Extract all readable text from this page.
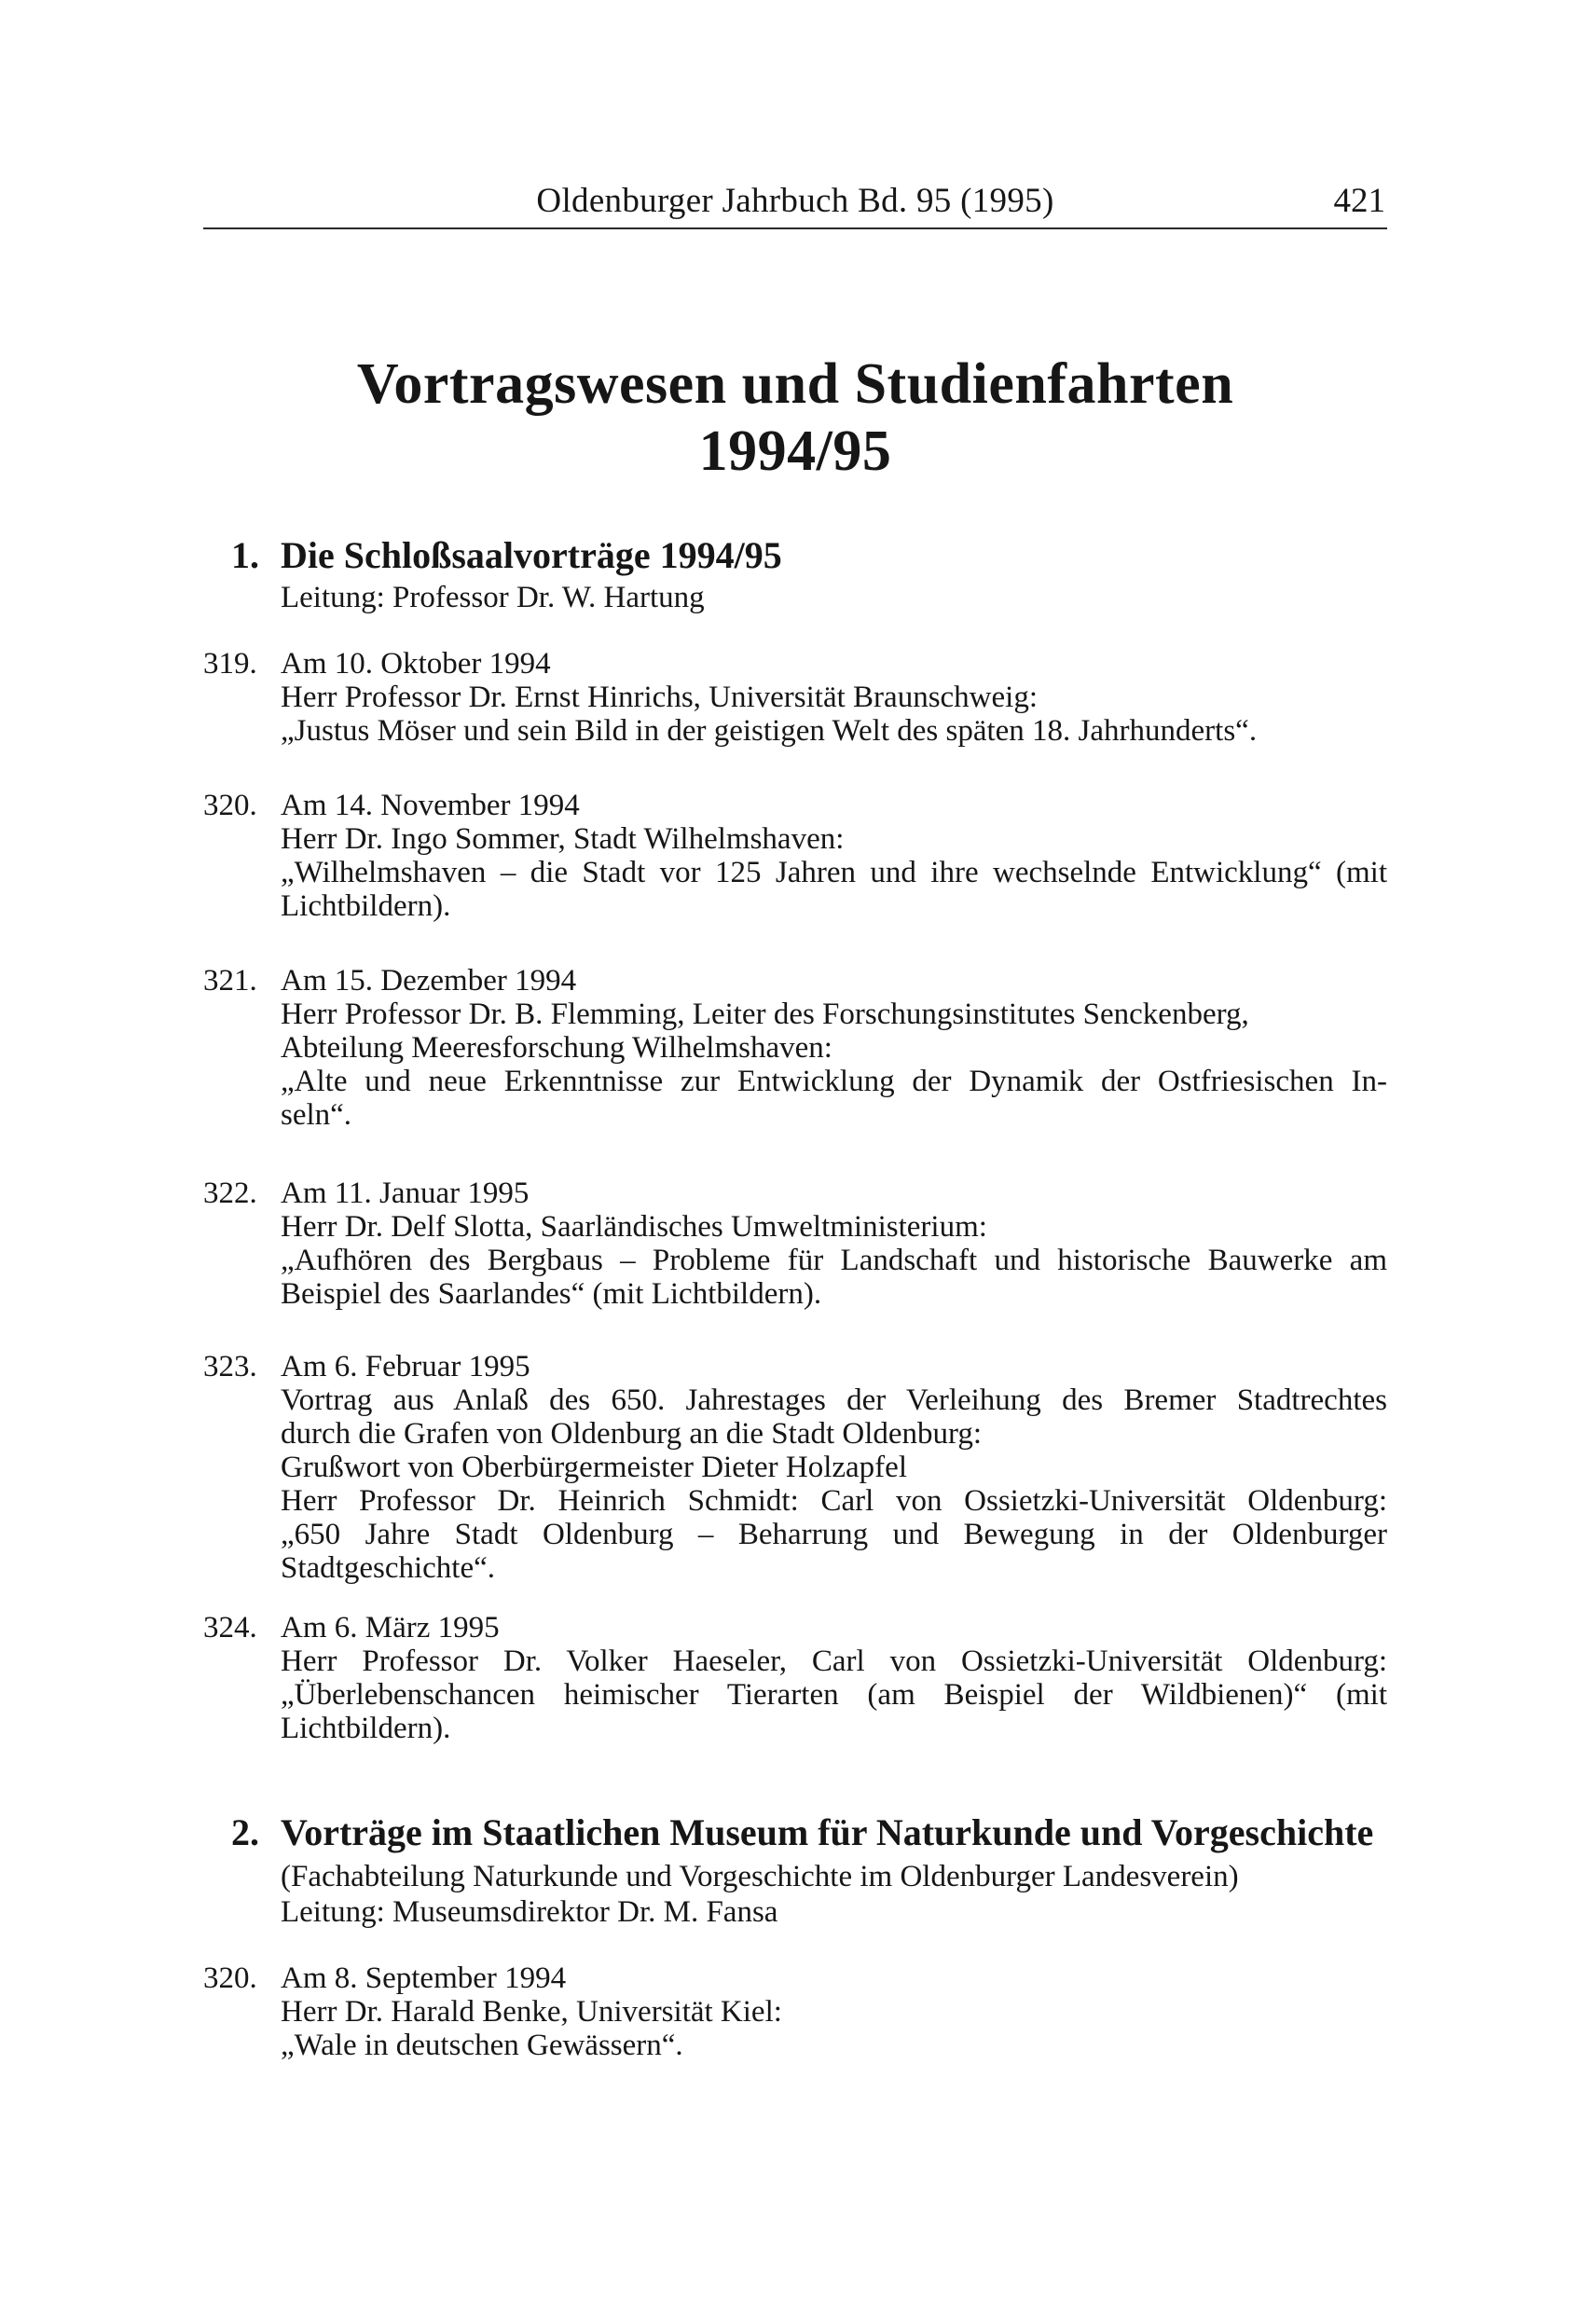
Oldenburger Jahrbuch Bd. 95 (1995)	421
Vortragswesen und Studienfahrten
1994/95
1. Die Schloßsaalvorträge 1994/95
Leitung: Professor Dr. W. Hartung
319. Am 10. Oktober 1994
Herr Professor Dr. Ernst Hinrichs, Universität Braunschweig:
„Justus Möser und sein Bild in der geistigen Welt des späten 18. Jahrhunderts“.
320. Am 14. November 1994
Herr Dr. Ingo Sommer, Stadt Wilhelmshaven:
„Wilhelmshaven – die Stadt vor 125 Jahren und ihre wechselnde Entwicklung“ (mit
Lichtbildern).
321. Am 15. Dezember 1994
Herr Professor Dr. B. Flemming, Leiter des Forschungsinstitutes Senckenberg,
Abteilung Meeresforschung Wilhelmshaven:
„Alte und neue Erkenntnisse zur Entwicklung der Dynamik der Ostfriesischen In-
seln“.
322. Am 11. Januar 1995
Herr Dr. Delf Slotta, Saarländisches Umweltministerium:
„Aufhören des Bergbaus – Probleme für Landschaft und historische Bauwerke am
Beispiel des Saarlandes“ (mit Lichtbildern).
323. Am 6. Februar 1995
Vortrag aus Anlaß des 650. Jahrestages der Verleihung des Bremer Stadtrechtes
durch die Grafen von Oldenburg an die Stadt Oldenburg:
Grußwort von Oberbürgermeister Dieter Holzapfel
Herr Professor Dr. Heinrich Schmidt: Carl von Ossietzki-Universität Oldenburg:
„650 Jahre Stadt Oldenburg – Beharrung und Bewegung in der Oldenburger
Stadtgeschichte“.
324. Am 6. März 1995
Herr Professor Dr. Volker Haeseler, Carl von Ossietzki-Universität Oldenburg:
„Überlebenschancen heimischer Tierarten (am Beispiel der Wildbienen)“ (mit
Lichtbildern).
2. Vorträge im Staatlichen Museum für Naturkunde und Vorgeschichte
(Fachabteilung Naturkunde und Vorgeschichte im Oldenburger Landesverein)
Leitung: Museumsdirektor Dr. M. Fansa
320. Am 8. September 1994
Herr Dr. Harald Benke, Universität Kiel:
„Wale in deutschen Gewässern“.
